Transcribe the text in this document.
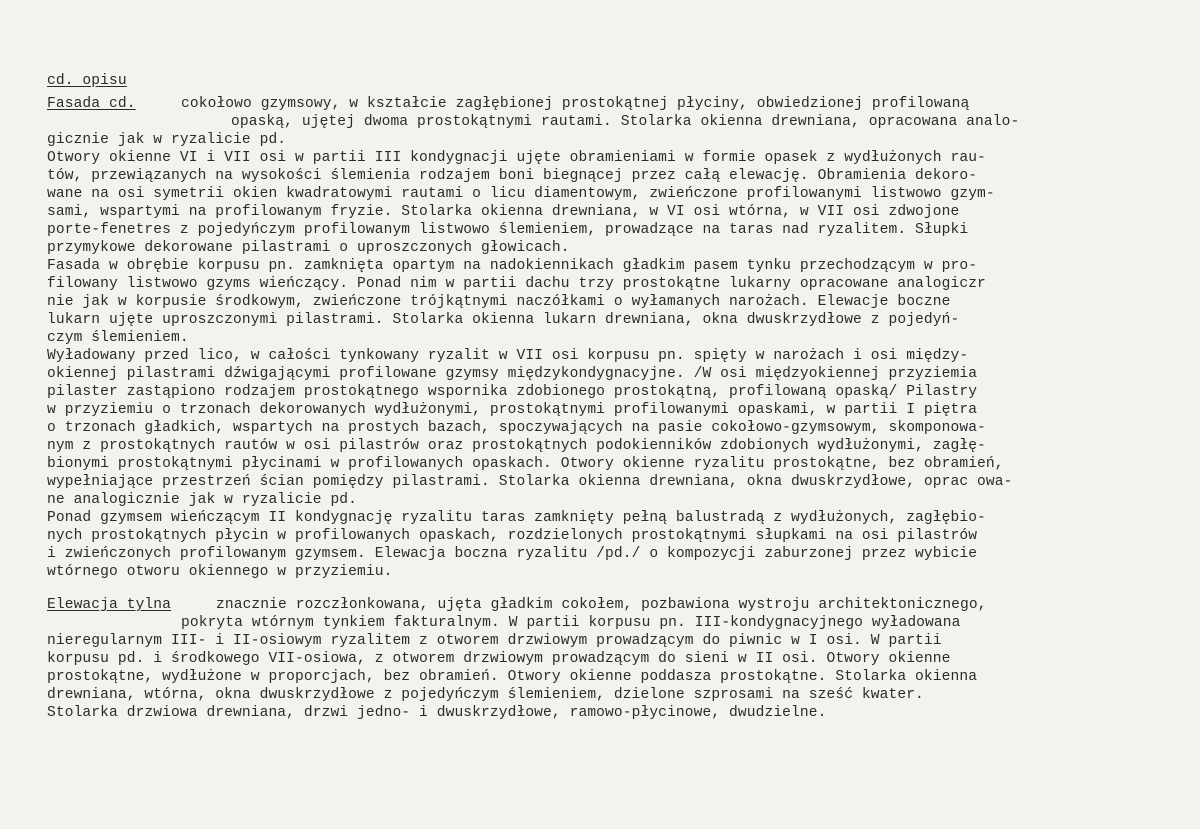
cd. opisu
Fasada cd.	cokołowo gzymsowy, w kształcie zagłębionej prostokątnej płyciny, obwiedzionej profilowaną
opaską, ujętej dwoma prostokątnymi rautami. Stolarka okienna drewniana, opracowana analo-
gicznie jak w ryzalicie pd.
Otwory okienne VI i VII osi w partii III kondygnacji ujęte obramieniami w formie opasek z wydłużonych rau-
tów, przewiązanych na wysokości ślemienia rodzajem boni biegnącej przez całą elewację. Obramienia dekoro-
wane na osi symetrii okien kwadratowymi rautami o licu diamentowym, zwieńczone profilowanymi listwowo gzym-
sami, wspartymi na profilowanym fryzie. Stolarka okienna drewniana, w VI osi wtórna, w VII osi zdwojone
porte-fenetres z pojedyńczym profilowanym listwowo ślemieniem, prowadzące na taras nad ryzalitem. Słupki
przymykowe dekorowane pilastrami o uproszczonych głowicach.
Fasada w obrębie korpusu pn. zamknięta opartym na nadokiennikach gładkim pasem tynku przechodzącym w pro-
filowany listwowo gzyms wieńczący. Ponad nim w partii dachu trzy prostokątne lukarny opracowane analogiczr
nie jak w korpusie środkowym, zwieńczone trójkątnymi naczółkami o wyłamanych narożach. Elewacje boczne
lukarn ujęte uproszczonymi pilastrami. Stolarka okienna lukarn drewniana, okna dwuskrzydłowe z pojedyń-
czym ślemieniem.
Wyładowany przed lico, w całości tynkowany ryzalit w VII osi korpusu pn. spięty w narożach i osi między-
okiennej pilastrami dźwigającymi profilowane gzymsy międzykondygnacyjne. /W osi międzyokiennej przyziemia
pilaster zastąpiono rodzajem prostokątnego wspornika zdobionego prostokątną, profilowaną opaską/ Pilastry
w przyziemiu o trzonach dekorowanych wydłużonymi, prostokątnymi profilowanymi opaskami, w partii I piętra
o trzonach gładkich, wspartych na prostych bazach, spoczywających na pasie cokołowo-gzymsowym, skomponowa-
nym z prostokątnych rautów w osi pilastrów oraz prostokątnych podokienników zdobionych wydłużonymi, zagłę-
bionymi prostokątnymi płycinami w profilowanych opaskach. Otwory okienne ryzalitu prostokątne, bez obramień,
wypełniające przestrzeń ścian pomiędzy pilastrami. Stolarka okienna drewniana, okna dwuskrzydłowe, oprac owa-
ne analogicznie jak w ryzalicie pd.
Ponad gzymsem wieńczącym II kondygnację ryzalitu taras zamknięty pełną balustradą z wydłużonych, zagłębio-
nych prostokątnych płycin w profilowanych opaskach, rozdzielonych prostokątnymi słupkami na osi pilastrów
i zwieńczonych profilowanym gzymsem. Elewacja boczna ryzalitu /pd./ o kompozycji zaburzonej przez wybicie
wtórnego otworu okiennego w przyziemiu.
Elewacja tylna	znacznie rozczłonkowana, ujęta gładkim cokołem, pozbawiona wystroju architektonicznego,
pokryta wtórnym tynkiem fakturalnym. W partii korpusu pn. III-kondygnacyjnego wyładowana
nieregularnym III- i II-osiowym ryzalitem z otworem drzwiowym prowadzącym do piwnic w I osi. W partii
korpusu pd. i środkowego VII-osiowa, z otworem drzwiowym prowadzącym do sieni w II osi. Otwory okienne
prostokątne, wydłużone w proporcjach, bez obramień. Otwory okienne poddasza prostokątne. Stolarka okienna
drewniana, wtórna, okna dwuskrzydłowe z pojedyńczym ślemieniem, dzielone szprosami na sześć kwater.
Stolarka drzwiowa drewniana, drzwi jedno- i dwuskrzydłowe, ramowo-płycinowe, dwudzielne.
